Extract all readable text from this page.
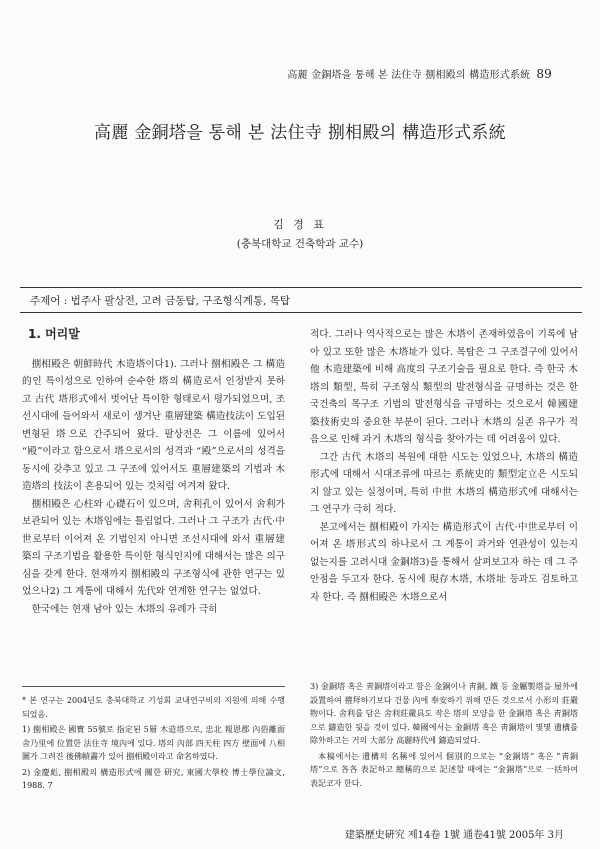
高麗 金銅塔을 통해 본 法住寺 捌相殿의 構造形式系統 89
高麗 金銅塔을 통해 본 法住寺 捌相殿의 構造形式系統
김 경 표
(충북대학교 건축학과 교수)
주제어 : 법주사 팔상전, 고려 금동탑, 구조형식계통, 목탑
1. 머리말

捌相殿은 朝鮮時代 木造塔이다1). 그러나 捌相殿은 그 構造的인 특이성으로 인하여 순수한 塔의 構造로서 인정받지 못하고 古代 塔形式에서 벗어난 특이한 형태로서 평가되었으며, 조선시대에 들어와서 새로이 생겨난 重層建築 構造技法이 도입된 변형된 塔으로 간주되어 왔다. 팔상전은 그 이름에 있어서 “殿”이라고 함으로서 塔으로서의 성격과 “殿”으로서의 성격을 동시에 갖추고 있고 그 구조에 있어서도 重層建築의 기법과 木造塔의 技法이 혼용되어 있는 것처럼 여겨져 왔다.

捌相殿은 心柱와 心礎石이 있으며, 舍利孔이 있어서 舍利가 보관되어 있는 木塔임에는 틀림없다. 그러나 그 구조가 古代·中世로부터 이어져 온 기법인지 아니면 조선시대에 와서 重層建築의 구조기법을 활용한 특이한 형식인지에 대해서는 많은 의구심을 갖게 한다. 현재까지 捌相殿의 구조형식에 관한 연구는 있었으나2) 그 계통에 대해서 先代와 연계한 연구는 없었다.

한국에는 현재 남아 있는 木塔의 유례가 극히

적다. 그러나 역사적으로는 많은 木塔이 존재하였음이 기록에 남아 있고 또한 많은 木塔址가 있다. 목탑은 그 구조결구에 있어서 他 木造建築에 비해 高度의 구조기술을 필요로 한다. 즉 한국 木塔의 類型, 특히 구조형식 類型의 발전형식을 규명하는 것은 한국건축의 목구조 기법의 발전형식을 규명하는 것으로서 韓國建築技術史의 중요한 부분이 된다. 그러나 木塔의 실존 유구가 적음으로 인해 과거 木塔의 형식을 찾아가는 데 어려움이 있다.

그간 古代 木塔의 복원에 대한 시도는 있었으나, 木塔의 構造形式에 대해서 시대조류에 따르는 系統史的 類型定立은 시도되지 않고 있는 실정이며, 특히 中世 木塔의 構造形式에 대해서는 그 연구가 극히 적다.

본고에서는 捌相殿이 가지는 構造形式이 古代·中世로부터 이어져 온 塔形式의 하나로서 그 계통이 과거와 연관성이 있는지 없는지를 고려시대 金銅塔3)을 통해서 살펴보고자 하는 데 그 주안점을 두고자 한다. 동시에 現存木塔, 木塔址 등과도 검토하고자 한다. 즉 捌相殿은 木塔으로서

* 본 연구는 2004년도 충북대학교 기성회 교내연구비의 지원에 의해 수행되었음.

1) 捌相殿은 國寶 55號로 指定된 5層 木造塔으로, 忠北 報恩郡 內俗離面 舍乃里에 位置한 法住寺 境內에 있다. 塔의 內部 四天柱 四方 壁面에 八相圖가 그려진 後佛幀畵가 있어 捌相殿이라고 命名하였다.

2) 金慶彪, 捌相殿의 構造形式에 關한 研究, 東國大學校 博士學位論文, 1988. 7

3) 金銅塔 혹은 靑銅塔이라고 함은 金銅이나 靑銅, 鐵 등 金屬製塔을 屋外에 設置하여 禮拜하기보다 건물 內에 奉安하기 위해 만든 것으로서 小形의 莊嚴物이다. 舍利를 담은 舍利莊嚴具도 작은 塔의 모양을 한 金銅塔 혹은 靑銅塔으로 鑄造한 뒷을 것이 있다. 韓國에서는 金銅塔 혹은 靑銅塔이 몇몇 遺構를 除外하고는 거의 大部分 高麗時代에 鑄造되었다.

本稿에서는 遺構의 名稱에 있어서 個別的으로는 “金銅塔” 혹은 “靑銅塔”으로 各各 表記하고 總稱的으로 記述할 때에는 “金銅塔”으로 一括하여 表記코자 한다.

建築歷史硏究 제14卷 1號 通卷41號 2005年 3月
